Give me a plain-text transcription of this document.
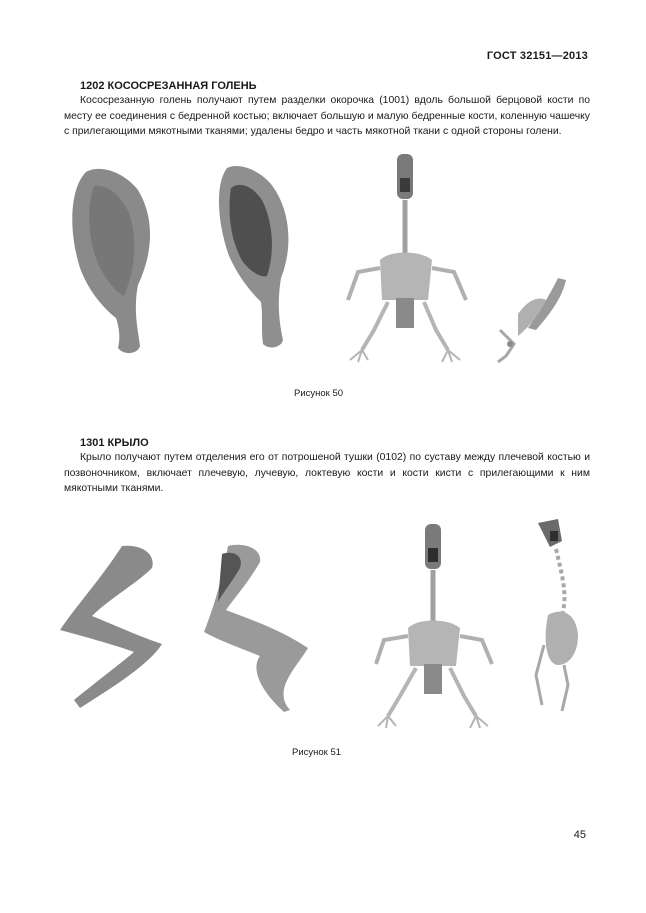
ГОСТ 32151—2013
1202 КОСОСРЕЗАННАЯ ГОЛЕНЬ

Кососрезанную голень получают путем разделки окорочка (1001) вдоль большой берцовой кости по месту ее соединения с бедренной костью; включает большую и малую бедренные кости, коленную чашечку с прилегающими мякотными тканями; удалены бедро и часть мякотной ткани с одной стороны голени.

Рисунок 50
1301 КРЫЛО

Крыло получают путем отделения его от потрошеной тушки (0102) по суставу между плечевой костью и позвоночником, включает плечевую, лучевую, локтевую кости и кости кисти с прилегающими к ним мякотными тканями.

Рисунок 51
45
